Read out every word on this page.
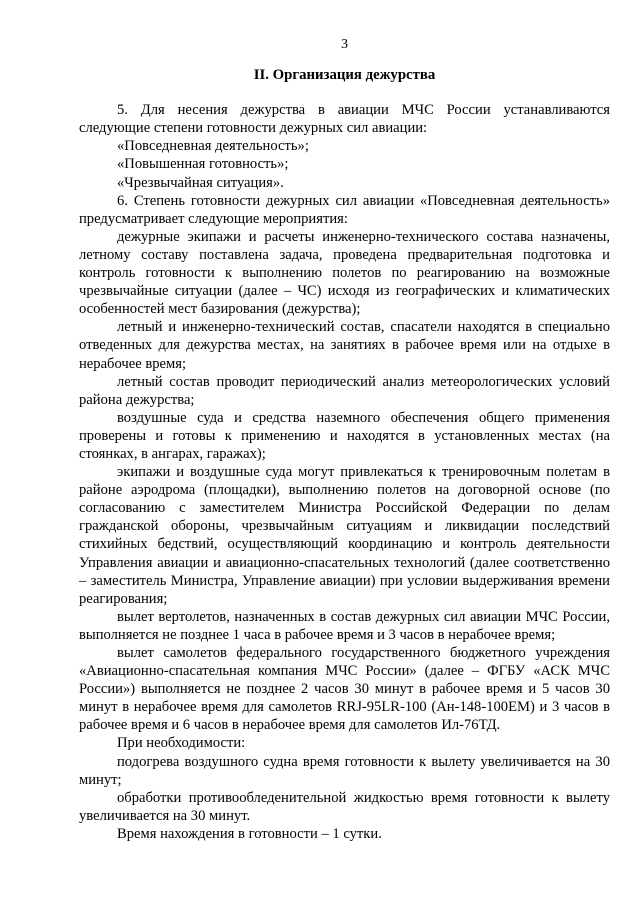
3
II. Организация дежурства

5. Для несения дежурства в авиации МЧС России устанавливаются следующие степени готовности дежурных сил авиации:

«Повседневная деятельность»;

«Повышенная готовность»;

«Чрезвычайная ситуация».

6. Степень готовности дежурных сил авиации «Повседневная деятельность» предусматривает следующие мероприятия:

дежурные экипажи и расчеты инженерно-технического состава назначены, летному составу поставлена задача, проведена предварительная подготовка и контроль готовности к выполнению полетов по реагированию на возможные чрезвычайные ситуации (далее – ЧС) исходя из географических и климатических особенностей мест базирования (дежурства);

летный и инженерно-технический состав, спасатели находятся в специально отведенных для дежурства местах, на занятиях в рабочее время или на отдыхе в нерабочее время;

летный состав проводит периодический анализ метеорологических условий района дежурства;

воздушные суда и средства наземного обеспечения общего применения проверены и готовы к применению и находятся в установленных местах (на стоянках, в ангарах, гаражах);

экипажи и воздушные суда могут привлекаться к тренировочным полетам в районе аэродрома (площадки), выполнению полетов на договорной основе (по согласованию с заместителем Министра Российской Федерации по делам гражданской обороны, чрезвычайным ситуациям и ликвидации последствий стихийных бедствий, осуществляющий координацию и контроль деятельности Управления авиации и авиационно-спасательных технологий (далее соответственно – заместитель Министра, Управление авиации) при условии выдерживания времени реагирования;

вылет вертолетов, назначенных в состав дежурных сил авиации МЧС России, выполняется не позднее 1 часа в рабочее время и 3 часов в нерабочее время;

вылет самолетов федерального государственного бюджетного учреждения «Авиационно-спасательная компания МЧС России» (далее – ФГБУ «АСК МЧС России») выполняется не позднее 2 часов 30 минут в рабочее время и 5 часов 30 минут в нерабочее время для самолетов RRJ-95LR-100 (Ан-148-100ЕМ) и 3 часов в рабочее время и 6 часов в нерабочее время для самолетов Ил-76ТД.

При необходимости:

подогрева воздушного судна время готовности к вылету увеличивается на 30 минут;

обработки противообледенительной жидкостью время готовности к вылету увеличивается на 30 минут.

Время нахождения в готовности – 1 сутки.
